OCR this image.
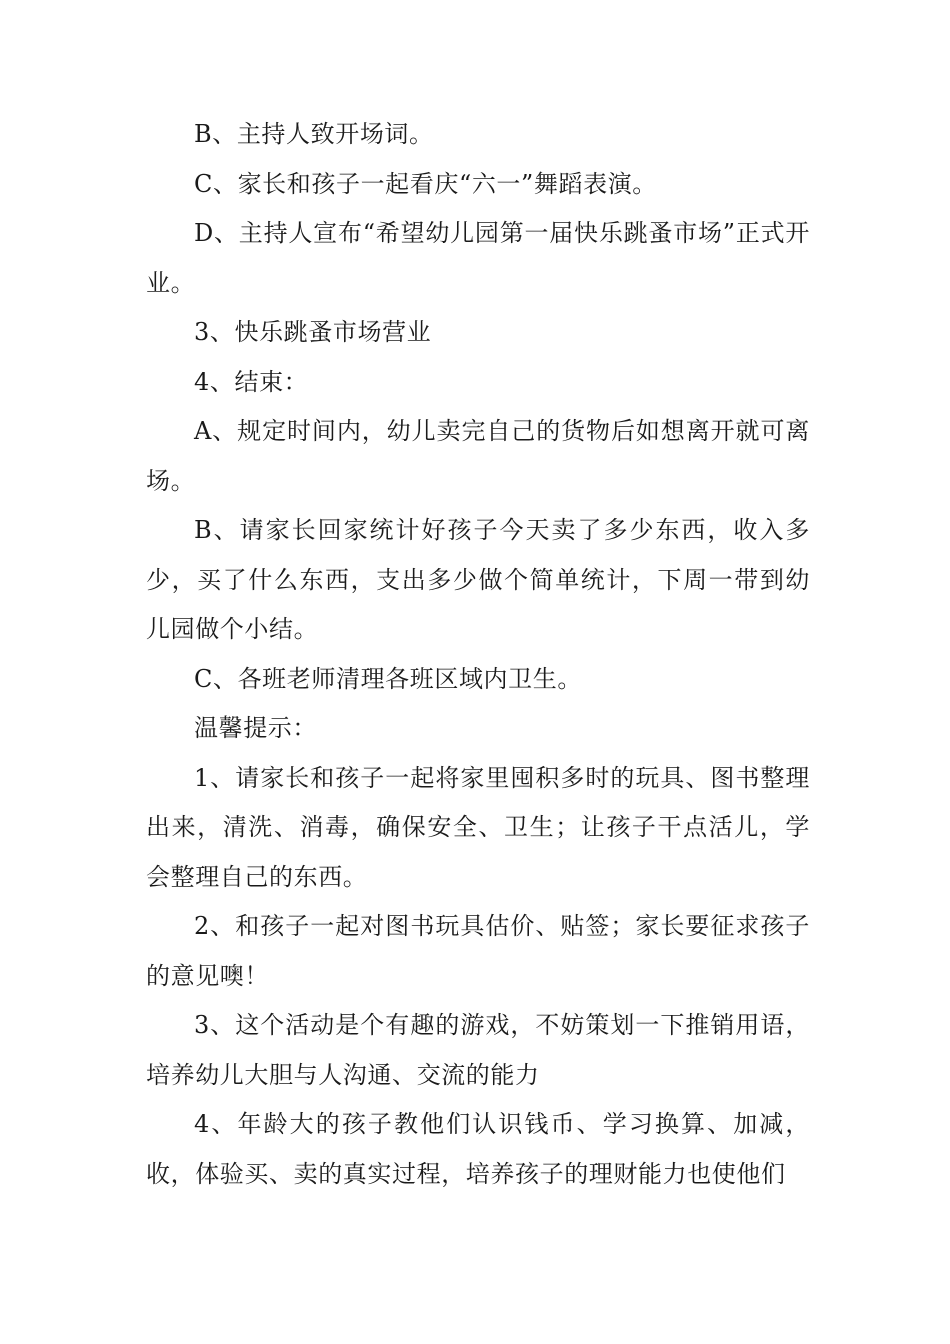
B、主持人致开场词。

C、家长和孩子一起看庆“六一”舞蹈表演。

D、主持人宣布“希望幼儿园第一届快乐跳蚤市场”正式开业。

3、快乐跳蚤市场营业

4、结束：

A、规定时间内，幼儿卖完自己的货物后如想离开就可离场。

B、请家长回家统计好孩子今天卖了多少东西，收入多少，买了什么东西，支出多少做个简单统计，下周一带到幼儿园做个小结。

C、各班老师清理各班区域内卫生。

温馨提示：

1、请家长和孩子一起将家里囤积多时的玩具、图书整理出来，清洗、消毒，确保安全、卫生；让孩子干点活儿，学会整理自己的东西。

2、和孩子一起对图书玩具估价、贴签；家长要征求孩子的意见噢！

3、这个活动是个有趣的游戏，不妨策划一下推销用语，培养幼儿大胆与人沟通、交流的能力

4、年龄大的孩子教他们认识钱币、学习换算、加减，收，体验买、卖的真实过程，培养孩子的理财能力也使他们
